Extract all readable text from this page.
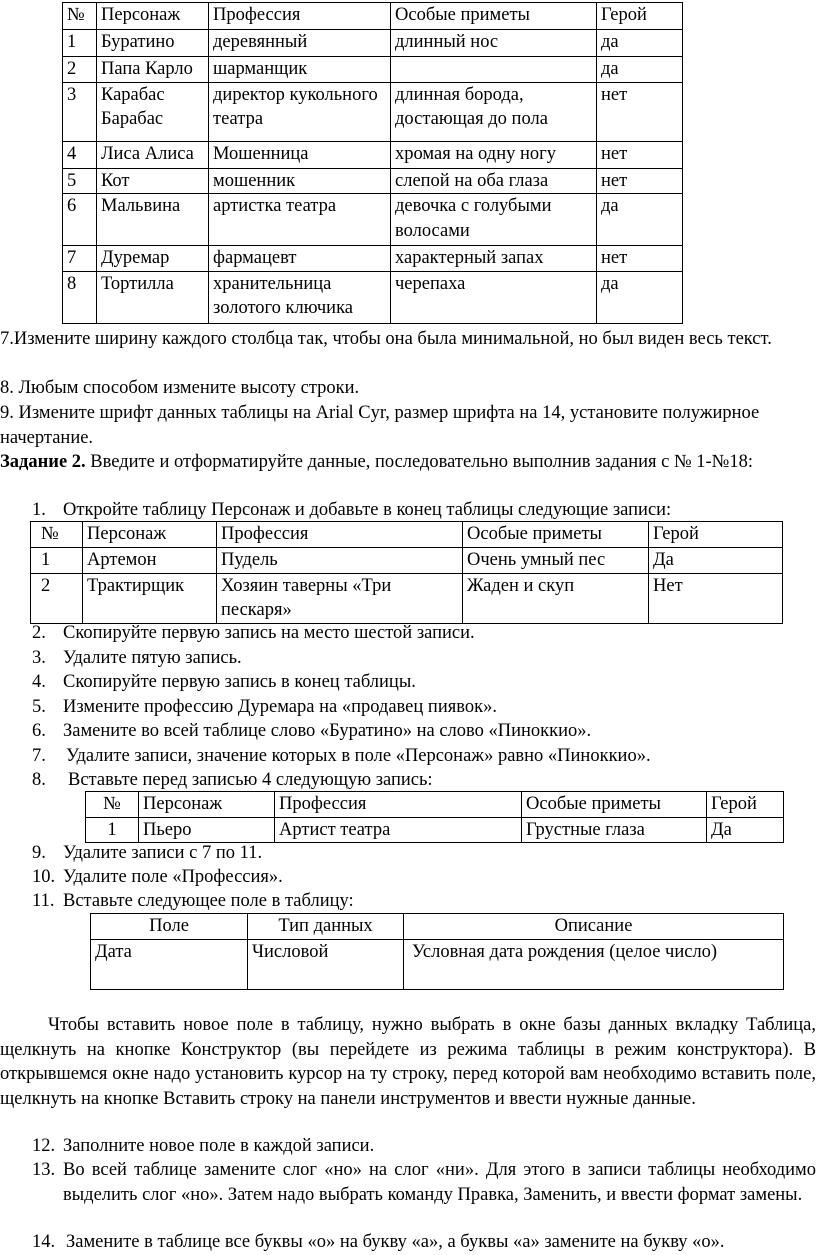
№	Персонаж	Профессия	Особые приметы	Герой
1	Буратино	деревянный	длинный нос	да
2	Папа Карло	шарманщик		да
3	Карабас Барабас	директор кукольного театра	длинная борода, достающая до пола	нет
4	Лиса Алиса	Мошенница	хромая на одну ногу	нет
5	Кот	мошенник	слепой на оба глаза	нет
6	Мальвина	артистка театра	девочка с голубыми волосами	да
7	Дуремар	фармацевт	характерный запах	нет
8	Тортилла	хранительница золотого ключика	черепаха	да
7.Измените ширину каждого столбца так, чтобы она была минимальной, но был виден весь текст.
8. Любым способом измените высоту строки.
9. Измените шрифт данных таблицы на Arial Cyr, размер шрифта на 14, установите полужирное начертание.
Задание 2. Введите и отформатируйте данные, последовательно выполнив задания с № 1-№18:
1. Откройте таблицу Персонаж и добавьте в конец таблицы следующие записи:
№	Персонаж	Профессия	Особые приметы	Герой
1	Артемон	Пудель	Очень умный пес	Да
2	Трактирщик	Хозяин таверны «Три пескаря»	Жаден и скуп	Нет
2. Скопируйте первую запись на место шестой записи.
3. Удалите пятую запись.
4. Скопируйте первую запись в конец таблицы.
5. Измените профессию Дуремара на «продавец пиявок».
6. Замените во всей таблице слово «Буратино» на слово «Пиноккио».
7. Удалите записи, значение которых в поле «Персонаж» равно «Пиноккио».
8. Вставьте перед записью 4 следующую запись:
№	Персонаж	Профессия	Особые приметы	Герой
1	Пьеро	Артист театра	Грустные глаза	Да
9. Удалите записи с 7 по 11.
10. Удалите поле «Профессия».
11. Вставьте следующее поле в таблицу:
Поле	Тип данных	Описание
Дата	Числовой	Условная дата рождения (целое число)
Чтобы вставить новое поле в таблицу, нужно выбрать в окне базы данных вкладку Таблица, щелкнуть на кнопке Конструктор (вы перейдете из режима таблицы в режим конструктора). В открывшемся окне надо установить курсор на ту строку, перед которой вам необходимо вставить поле, щелкнуть на кнопке Вставить строку на панели инструментов и ввести нужные данные.
12. Заполните новое поле в каждой записи.
13. Во всей таблице замените слог «но» на слог «ни». Для этого в записи таблицы необходимо выделить слог «но». Затем надо выбрать команду Правка, Заменить, и ввести формат замены.
14. Замените в таблице все буквы «о» на букву «а», а буквы «а» замените на букву «о».
